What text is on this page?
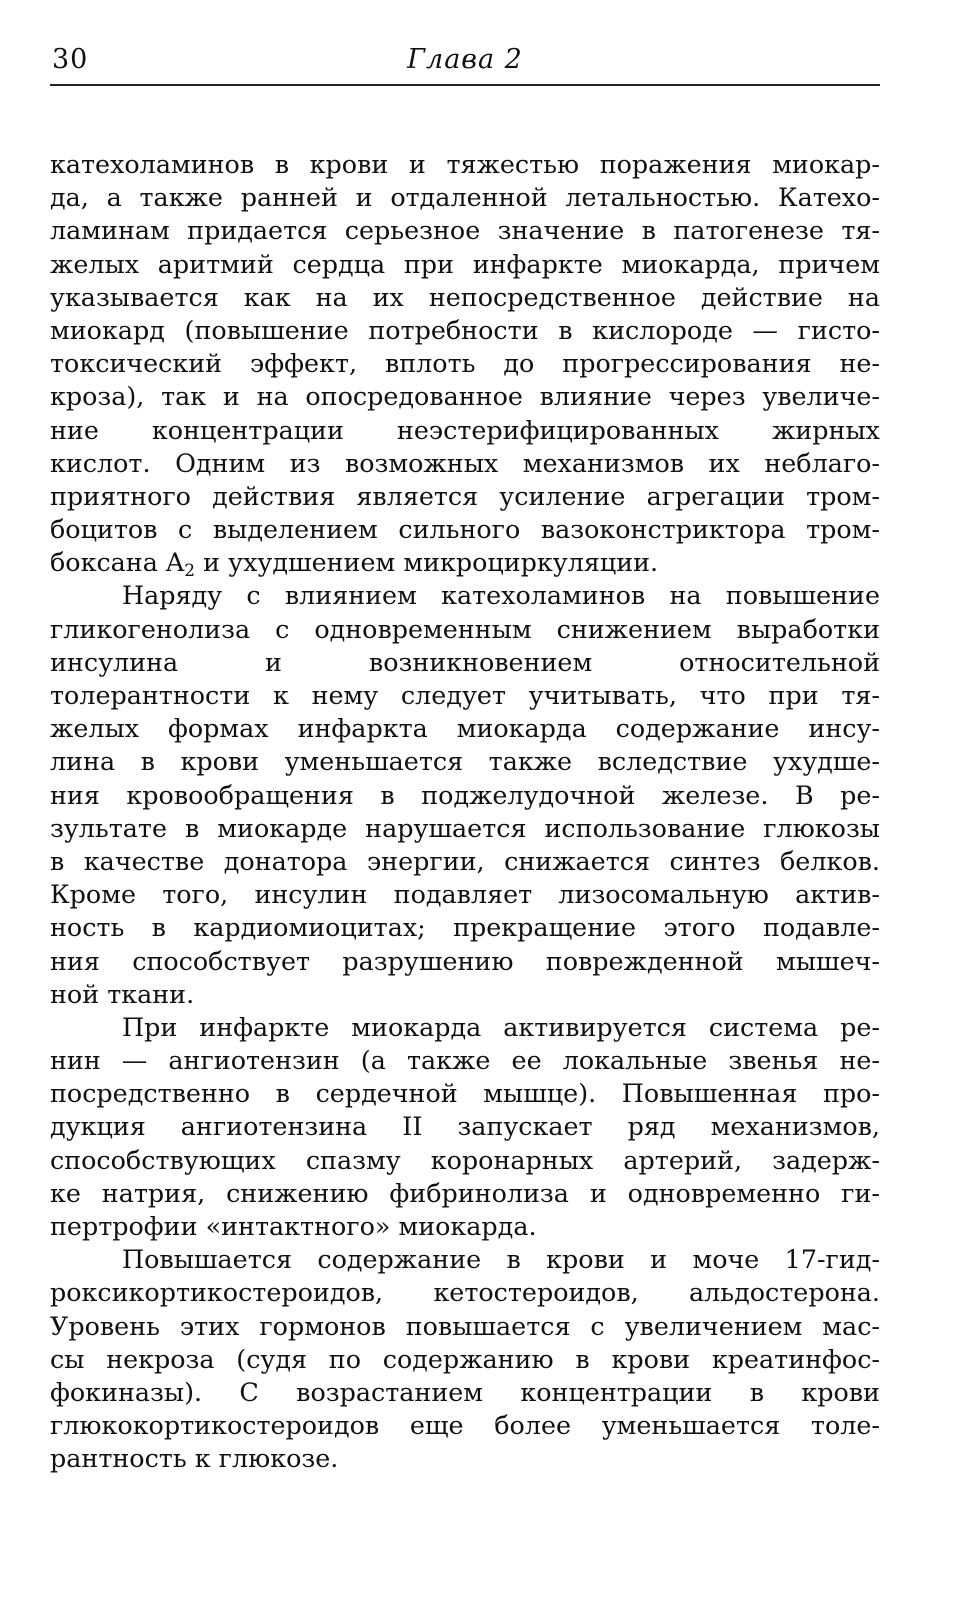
30	Глава 2
катехоламинов в крови и тяжестью поражения миокар-
да, а также ранней и отдаленной летальностью. Катехо-
ламинам придается серьезное значение в патогенезе тя-
желых аритмий сердца при инфаркте миокарда, причем
указывается как на их непосредственное действие на
миокард (повышение потребности в кислороде — гисто-
токсический эффект, вплоть до прогрессирования не-
кроза), так и на опосредованное влияние через увеличе-
ние концентрации неэстерифицированных жирных
кислот. Одним из возможных механизмов их неблаго-
приятного действия является усиление агрегации тром-
боцитов с выделением сильного вазоконстриктора тром-
боксана $A_2$ и ухудшением микроциркуляции.
Наряду с влиянием катехоламинов на повышение
гликогенолиза с одновременным снижением выработки
инсулина и возникновением относительной
толерантности к нему следует учитывать, что при тя-
желых формах инфаркта миокарда содержание инсу-
лина в крови уменьшается также вследствие ухудше-
ния кровообращения в поджелудочной железе. В ре-
зультате в миокарде нарушается использование глюкозы
в качестве донатора энергии, снижается синтез белков.
Кроме того, инсулин подавляет лизосомальную актив-
ность в кардиомиоцитах; прекращение этого подавле-
ния способствует разрушению поврежденной мышеч-
ной ткани.
При инфаркте миокарда активируется система ре-
нин — ангиотензин (а также ее локальные звенья не-
посредственно в сердечной мышце). Повышенная про-
дукция ангиотензина II запускает ряд механизмов,
способствующих спазму коронарных артерий, задерж-
ке натрия, снижению фибринолиза и одновременно ги-
пертрофии «интактного» миокарда.
Повышается содержание в крови и моче 17-гид-
роксикортикостероидов, кетостероидов, альдостерона.
Уровень этих гормонов повышается с увеличением мас-
сы некроза (судя по содержанию в крови креатинфос-
фокиназы). С возрастанием концентрации в крови
глюкокортикостероидов еще более уменьшается толе-
рантность к глюкозе.
